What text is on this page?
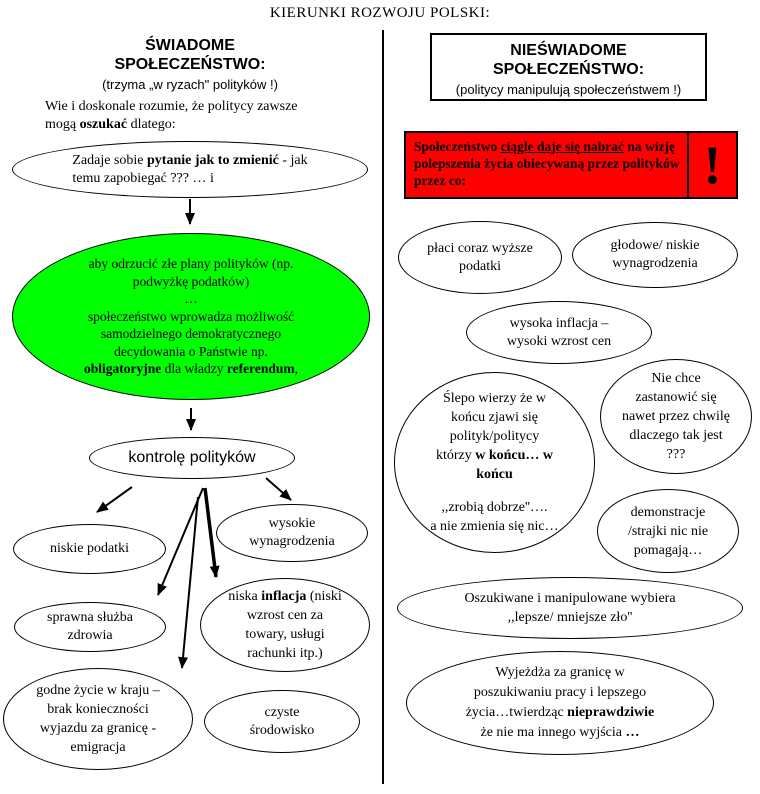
KIERUNKI ROZWOJU POLSKI:
ŚWIADOME
SPOŁECZEŃSTWO:
(trzyma „w ryzach" polityków !)
Wie i doskonale rozumie, że politycy zawsze
mogą oszukać dlatego:
Zadaje sobie pytanie jak to zmienić - jak
temu zapobiegać ??? … i
aby odrzucić złe plany polityków (np.
podwyżkę podatków)
…
społeczeństwo wprowadza możliwość
samodzielnego demokratycznego
decydowania o Państwie np.
obligatoryjne dla władzy referendum,
kontrolę polityków
niskie podatki
sprawna służba zdrowia
godne życie w kraju – brak konieczności wyjazdu za granicę - emigracja
wysokie wynagrodzenia
niska inflacja (niski
wzrost cen za
towary, usługi
rachunki itp.)
czyste środowisko
NIEŚWIADOME
SPOŁECZEŃSTWO:
(politycy manipulują społeczeństwem !)
Społeczeństwo ciągle daje się nabrać na wizję polepszenia życia obiecywaną przez polityków przez co:	!
płaci coraz wyższe podatki
głodowe/ niskie wynagrodzenia
wysoka inflacja – wysoki wzrost cen
Ślepo wierzy że w
końcu zjawi się
polityk/politycy
którzy w końcu… w
końcu
,,zrobią dobrze''….
a nie zmienia się nic…
Nie chce zastanowić się nawet przez chwilę dlaczego tak jest ???
demonstracje /strajki nic nie pomagają…
Oszukiwane i manipulowane wybiera
,,lepsze/ mniejsze zło''
Wyjeżdża za granicę w
poszukiwaniu pracy i lepszego
życia…twierdząc nieprawdziwie
że nie ma innego wyjścia …
